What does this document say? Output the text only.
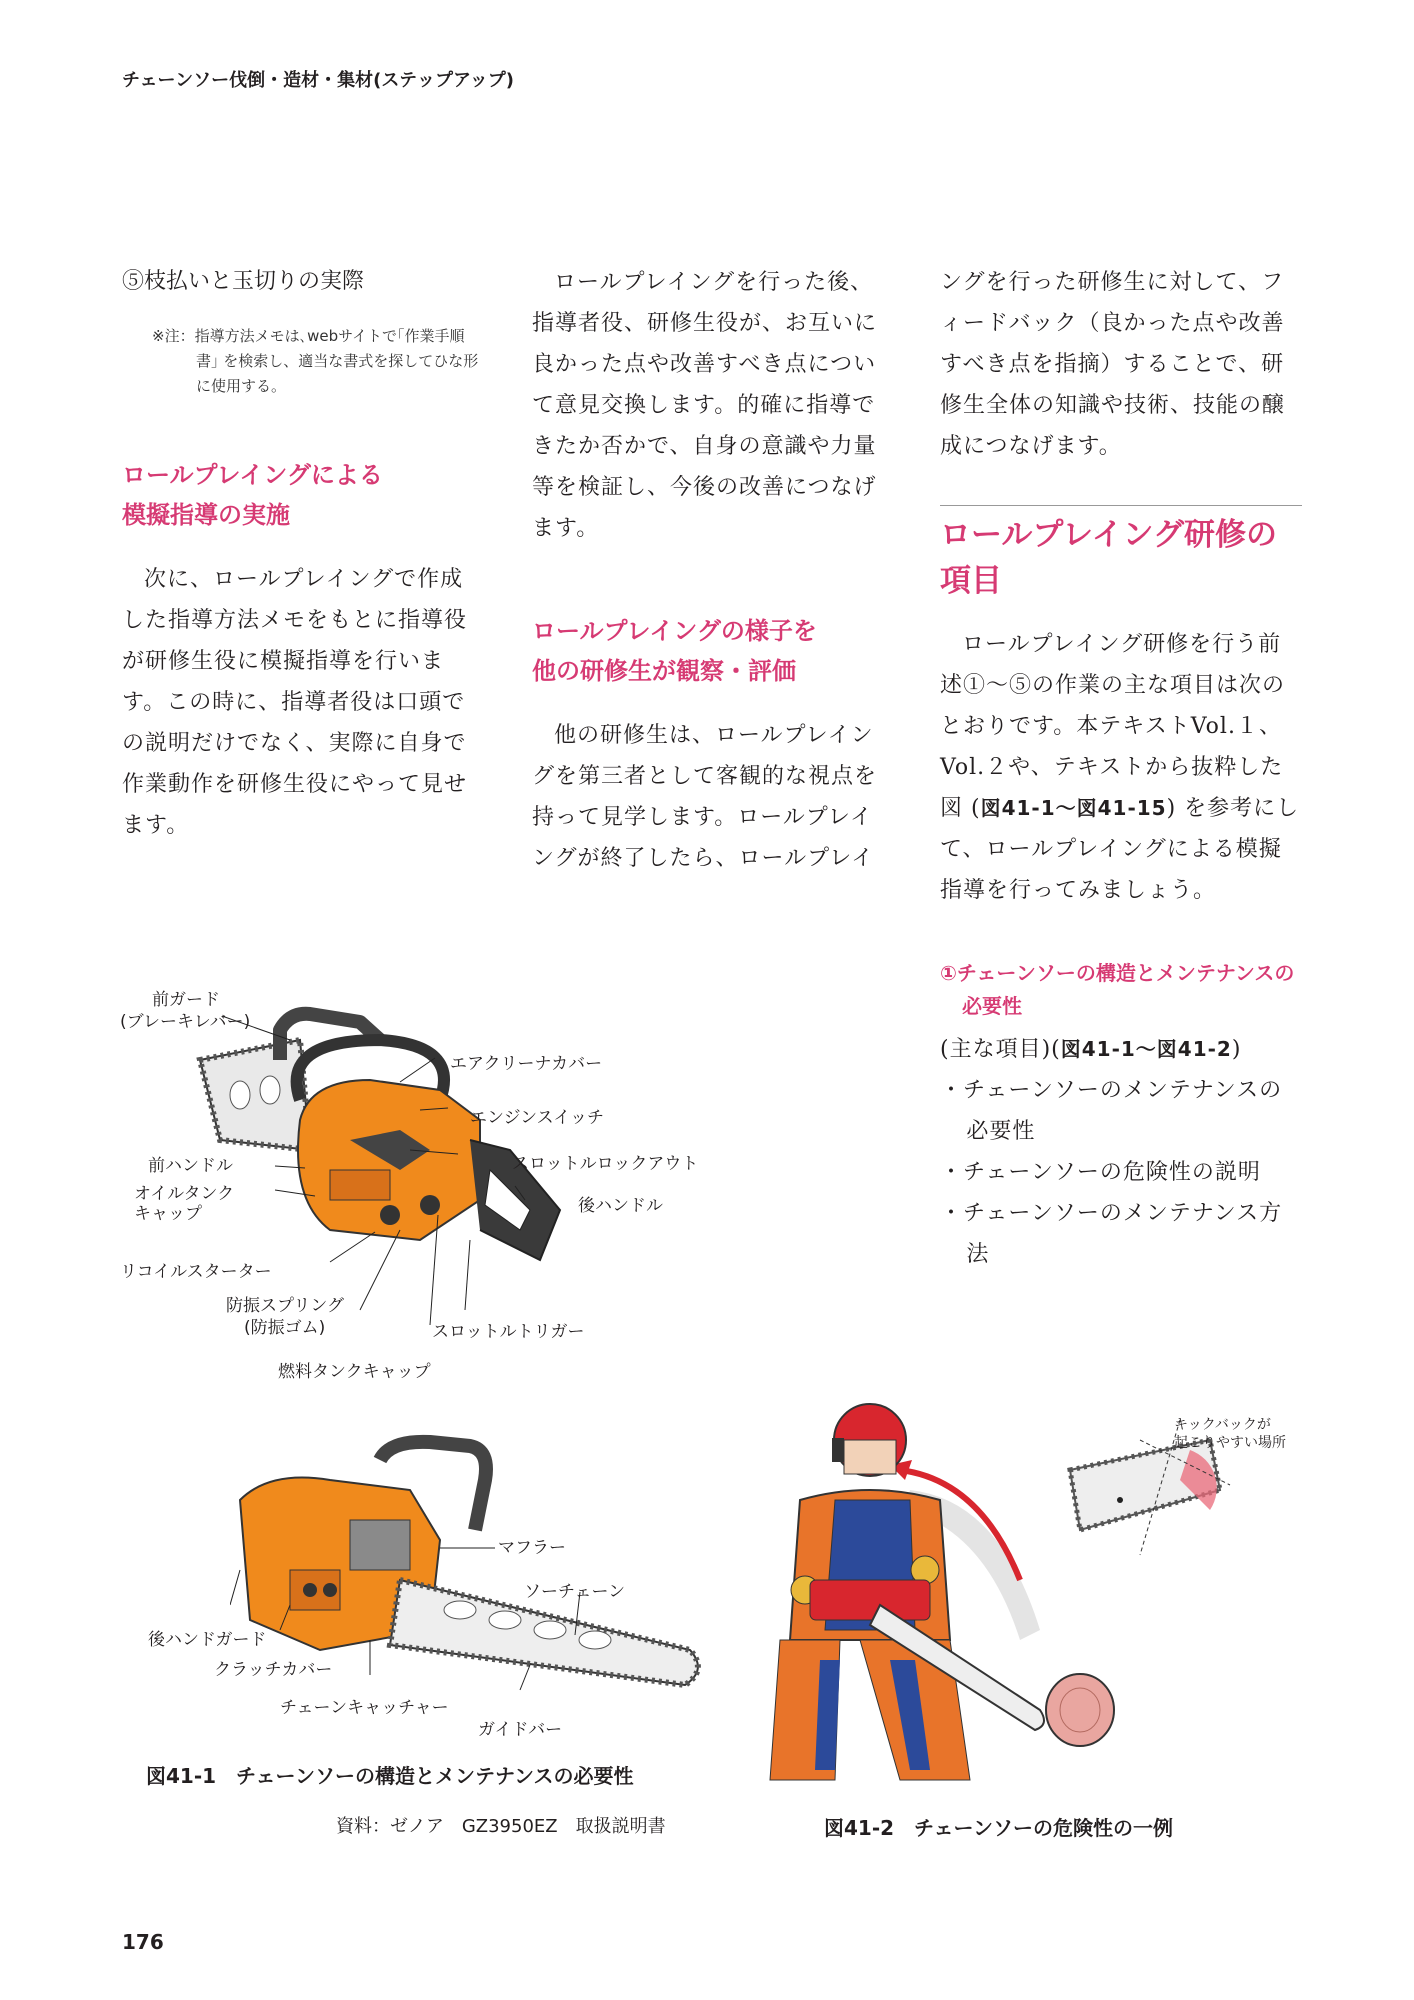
チェーンソー伐倒・造材・集材(ステップアップ)

⑤枝払いと玉切りの実際

※注：指導方法メモは､webサイトで｢作業手順書｣ を検索し、適当な書式を探してひな形に使用する。

ロールプレイングによる
模擬指導の実施

次に、ロールプレイングで作成した指導方法メモをもとに指導役が研修生役に模擬指導を行います。この時に、指導者役は口頭での説明だけでなく、実際に自身で作業動作を研修生役にやって見せます。

ロールプレイングを行った後、指導者役、研修生役が、お互いに良かった点や改善すべき点について意見交換します。的確に指導できたか否かで、自身の意識や力量等を検証し、今後の改善につなげます。

ロールプレイングの様子を
他の研修生が観察・評価

他の研修生は、ロールプレイングを第三者として客観的な視点を持って見学します。ロールプレイングが終了したら、ロールプレイ

ングを行った研修生に対して、フィードバック（良かった点や改善すべき点を指摘）することで、研修生全体の知識や技術、技能の醸成につなげます。

ロールプレイング研修の
項目

ロールプレイング研修を行う前述①〜⑤の作業の主な項目は次のとおりです。本テキストVol.１、Vol.２や、テキストから抜粋した図 (図41-1〜図41-15) を参考にして、ロールプレイングによる模擬指導を行ってみましょう。

①チェーンソーの構造とメンテナンスの必要性

(主な項目)(図41-1〜図41-2)

・チェーンソーのメンテナンスの必要性

・チェーンソーの危険性の説明

・チェーンソーのメンテナンス方法

前ガード
(ブレーキレバー)
エアクリーナカバー
エンジンスイッチ
スロットルロックアウト
前ハンドル
オイルタンク
キャップ	後ハンドル
リコイルスターター
防振スプリング
(防振ゴム)	スロットルトリガー
燃料タンクキャップ
マフラー
ソーチェーン
後ハンドガード
クラッチカバー
チェーンキャッチャー
ガイドバー
図41-1　チェーンソーの構造とメンテナンスの必要性
資料：ゼノア　GZ3950EZ　取扱説明書
キックバックが
起こりやすい場所
図41-2　チェーンソーの危険性の一例
176
